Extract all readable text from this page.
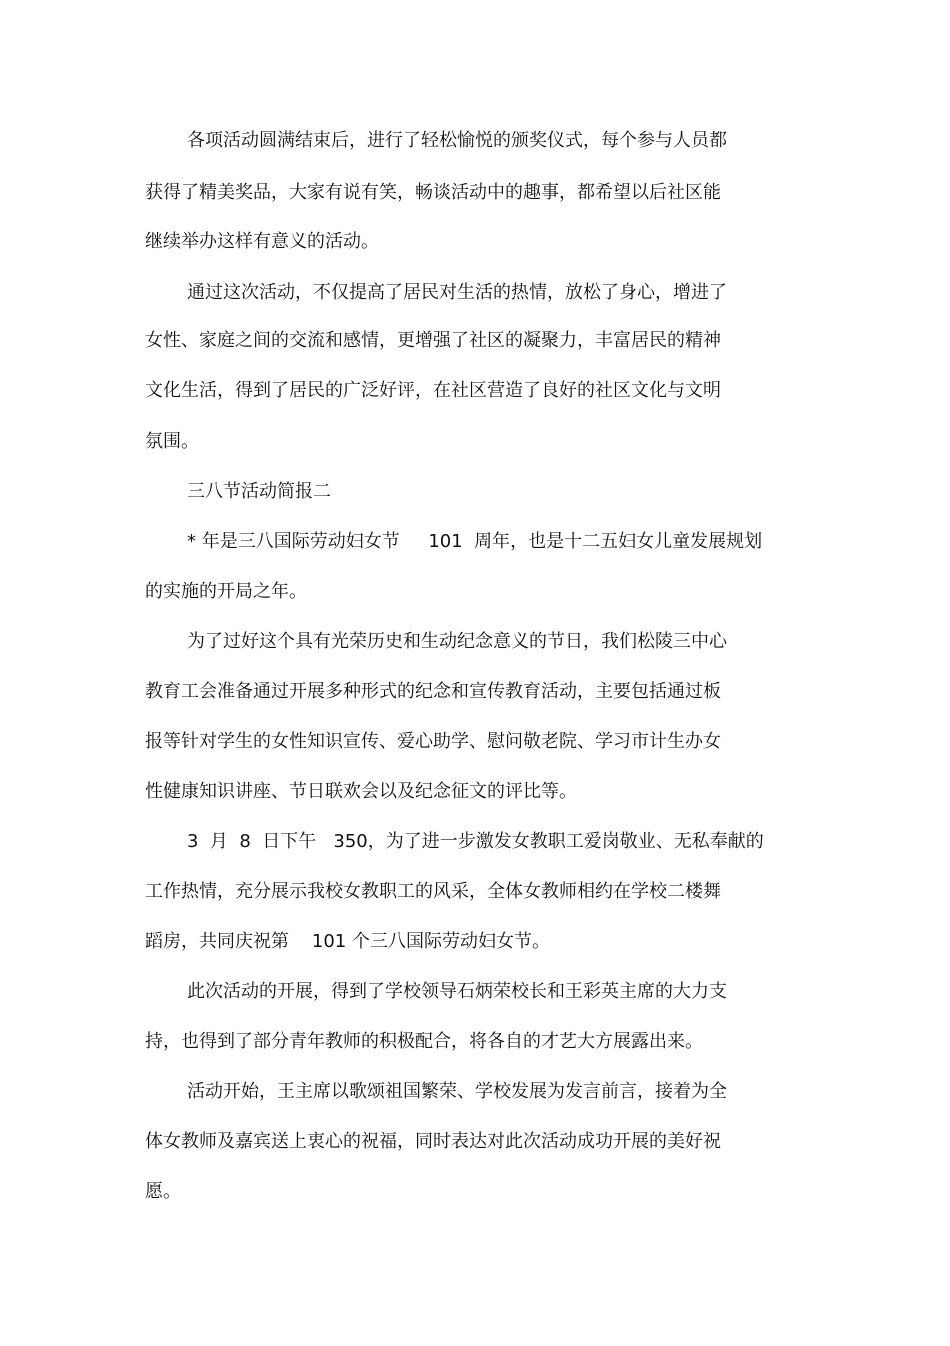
各项活动圆满结束后，进行了轻松愉悦的颁奖仪式，每个参与人员都

获得了精美奖品，大家有说有笑，畅谈活动中的趣事，都希望以后社区能

继续举办这样有意义的活动。

通过这次活动，不仅提高了居民对生活的热情，放松了身心，增进了

女性、家庭之间的交流和感情，更增强了社区的凝聚力，丰富居民的精神

文化生活，得到了居民的广泛好评，在社区营造了良好的社区文化与文明

氛围。

三八节活动简报二

* 年是三八国际劳动妇女节     101  周年，也是十二五妇女儿童发展规划

的实施的开局之年。

为了过好这个具有光荣历史和生动纪念意义的节日，我们松陵三中心

教育工会准备通过开展多种形式的纪念和宣传教育活动，主要包括通过板

报等针对学生的女性知识宣传、爱心助学、慰问敬老院、学习市计生办女

性健康知识讲座、节日联欢会以及纪念征文的评比等。

3  月  8  日下午   350，为了进一步激发女教职工爱岗敬业、无私奉献的

工作热情，充分展示我校女教职工的风采，全体女教师相约在学校二楼舞

蹈房，共同庆祝第    101 个三八国际劳动妇女节。

此次活动的开展，得到了学校领导石炳荣校长和王彩英主席的大力支

持，也得到了部分青年教师的积极配合，将各自的才艺大方展露出来。

活动开始，王主席以歌颂祖国繁荣、学校发展为发言前言，接着为全

体女教师及嘉宾送上衷心的祝福，同时表达对此次活动成功开展的美好祝

愿。
